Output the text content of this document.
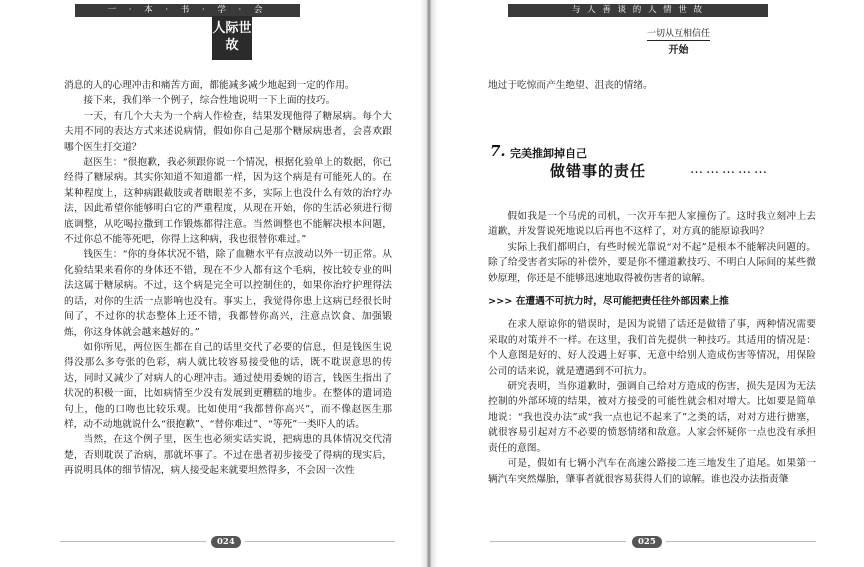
一 · 本 · 书 · 学 · 会
人际世故

消息的人的心理冲击和痛苦方面，都能减多减少地起到一定的作用。

接下来，我们举一个例子，综合性地说明一下上面的技巧。

一天，有几个大夫为一个病人作检查，结果发现他得了糖尿病。每个大夫用不同的表达方式来述说病情，假如你自己是那个糖尿病患者，会喜欢跟哪个医生打交道？

赵医生：“很抱歉，我必须跟你说一个情况，根据化验单上的数据，你已经得了糖尿病。其实你知道不知道都一样，因为这个病是有可能死人的。在某种程度上，这种病跟截肢或者瞎眼差不多，实际上也没什么有效的治疗办法，因此希望你能够明白它的严重程度，从现在开始，你的生活必须进行彻底调整，从吃喝拉撒到工作锻炼都得注意。当然调整也不能解决根本问题，不过你总不能等死吧，你得上这种病，我也很替你难过。”

钱医生：“你的身体状况不错，除了血糖水平有点波动以外一切正常。从化验结果来看你的身体还不错，现在不少人都有这个毛病，按比较专业的叫法这属于糖尿病。不过，这个病是完全可以控制住的，如果你治疗护理得法的话，对你的生活一点影响也没有。事实上，我觉得你患上这病已经很长时间了，不过你的状态整体上还不错，我都替你高兴，注意点饮食、加强锻炼，你这身体就会越来越好的。”

如你所见，两位医生都在自己的话里交代了必要的信息，但是钱医生说得没那么多夸张的色彩，病人就比较容易接受他的话，既不耽误意思的传达，同时又减少了对病人的心理冲击。通过使用委婉的语言，钱医生指出了状况的积极一面，比如病情至少没有发展到更糟糕的地步。在整体的遣词造句上，他的口吻也比较乐观。比如使用“我都替你高兴”，而不像赵医生那样，动不动地就说什么“很抱歉”、“替你难过”、“等死”一类吓人的话。

当然，在这个例子里，医生也必须实话实说，把病患的具体情况交代清楚，否则耽误了治病，那就坏事了。不过在患者初步接受了得病的现实后，再说明具体的细节情况，病人接受起来就要坦然得多，不会因一次性

024
与 人 善 谈 的 人 情 世 故
一切从互相信任
开始

地过于吃惊而产生绝望、沮丧的情绪。

7. 完美推卸掉自己
做错事的责任	……………

假如我是一个马虎的司机，一次开车把人家撞伤了。这时我立刻冲上去道歉，并发誓说死地说以后再也不这样了，对方真的能原谅我吗？

实际上我们都明白，有些时候光靠说“对不起”是根本不能解决问题的。除了给受害者实际的补偿外，要是你不懂道歉技巧、不明白人际间的某些微妙原理，你还是不能够迅速地取得被伤害者的谅解。

>>> 在遭遇不可抗力时，尽可能把责任往外部因素上推

在求人原谅你的错误时，是因为说错了话还是做错了事，两种情况需要采取的对策并不一样。在这里，我们首先提供一种技巧。其适用的情况是：个人意图是好的、好人没遇上好事、无意中给别人造成伤害等情况，用保险公司的话来说，就是遭遇到不可抗力。

研究表明，当你道歉时，强调自己给对方造成的伤害，损失是因为无法控制的外部环境的结果，被对方接受的可能性就会相对增大。比如要是简单地说：“我也没办法”或“我一点也记不起来了”之类的话，对对方进行搪塞，就很容易引起对方不必要的愤怒情绪和敌意。人家会怀疑你一点也没有承担责任的意图。

可是，假如有七辆小汽车在高速公路接二连三地发生了追尾。如果第一辆汽车突然爆胎，肇事者就很容易获得人们的谅解。谁也没办法指责肇

025
